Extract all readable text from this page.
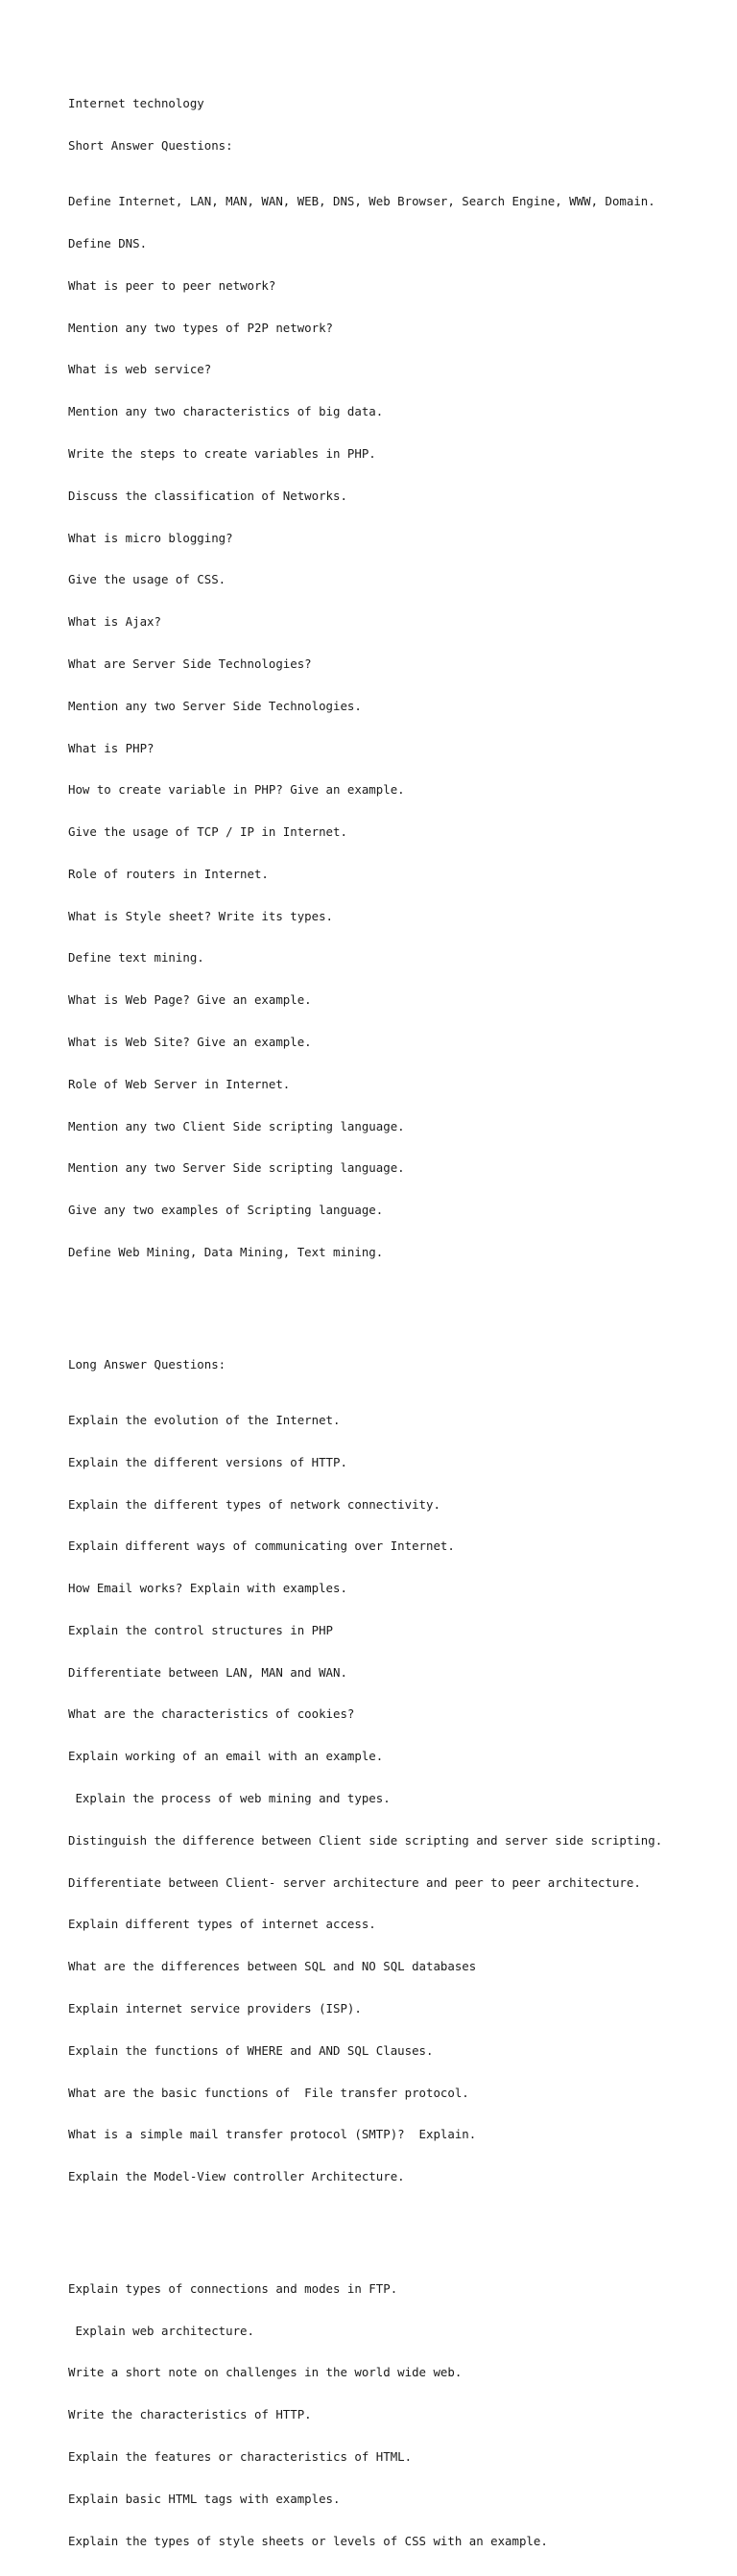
Internet technology

Short Answer Questions:

Define Internet, LAN, MAN, WAN, WEB, DNS, Web Browser, Search Engine, WWW, Domain.

Define DNS.

What is peer to peer network?

Mention any two types of P2P network?

What is web service?

Mention any two characteristics of big data.

Write the steps to create variables in PHP.

Discuss the classification of Networks.

What is micro blogging?

Give the usage of CSS.

What is Ajax?

What are Server Side Technologies?

Mention any two Server Side Technologies.

What is PHP?

How to create variable in PHP? Give an example.

Give the usage of TCP / IP in Internet.

Role of routers in Internet.

What is Style sheet? Write its types.

Define text mining.

What is Web Page? Give an example.

What is Web Site? Give an example.

Role of Web Server in Internet.

Mention any two Client Side scripting language.

Mention any two Server Side scripting language.

Give any two examples of Scripting language.

Define Web Mining, Data Mining, Text mining.

Long Answer Questions:

Explain the evolution of the Internet.

Explain the different versions of HTTP.

Explain the different types of network connectivity.

Explain different ways of communicating over Internet.

How Email works? Explain with examples.

Explain the control structures in PHP

Differentiate between LAN, MAN and WAN.

What are the characteristics of cookies?

Explain working of an email with an example.

Explain the process of web mining and types.

Distinguish the difference between Client side scripting and server side scripting.

Differentiate between Client- server architecture and peer to peer architecture.

Explain different types of internet access.

What are the differences between SQL and NO SQL databases

Explain internet service providers (ISP).

Explain the functions of WHERE and AND SQL Clauses.

What are the basic functions of  File transfer protocol.

What is a simple mail transfer protocol (SMTP)?  Explain.

Explain the Model-View controller Architecture.

Explain types of connections and modes in FTP.

Explain web architecture.

Write a short note on challenges in the world wide web.

Write the characteristics of HTTP.

Explain the features or characteristics of HTML.

Explain basic HTML tags with examples.

Explain the types of style sheets or levels of CSS with an example.
